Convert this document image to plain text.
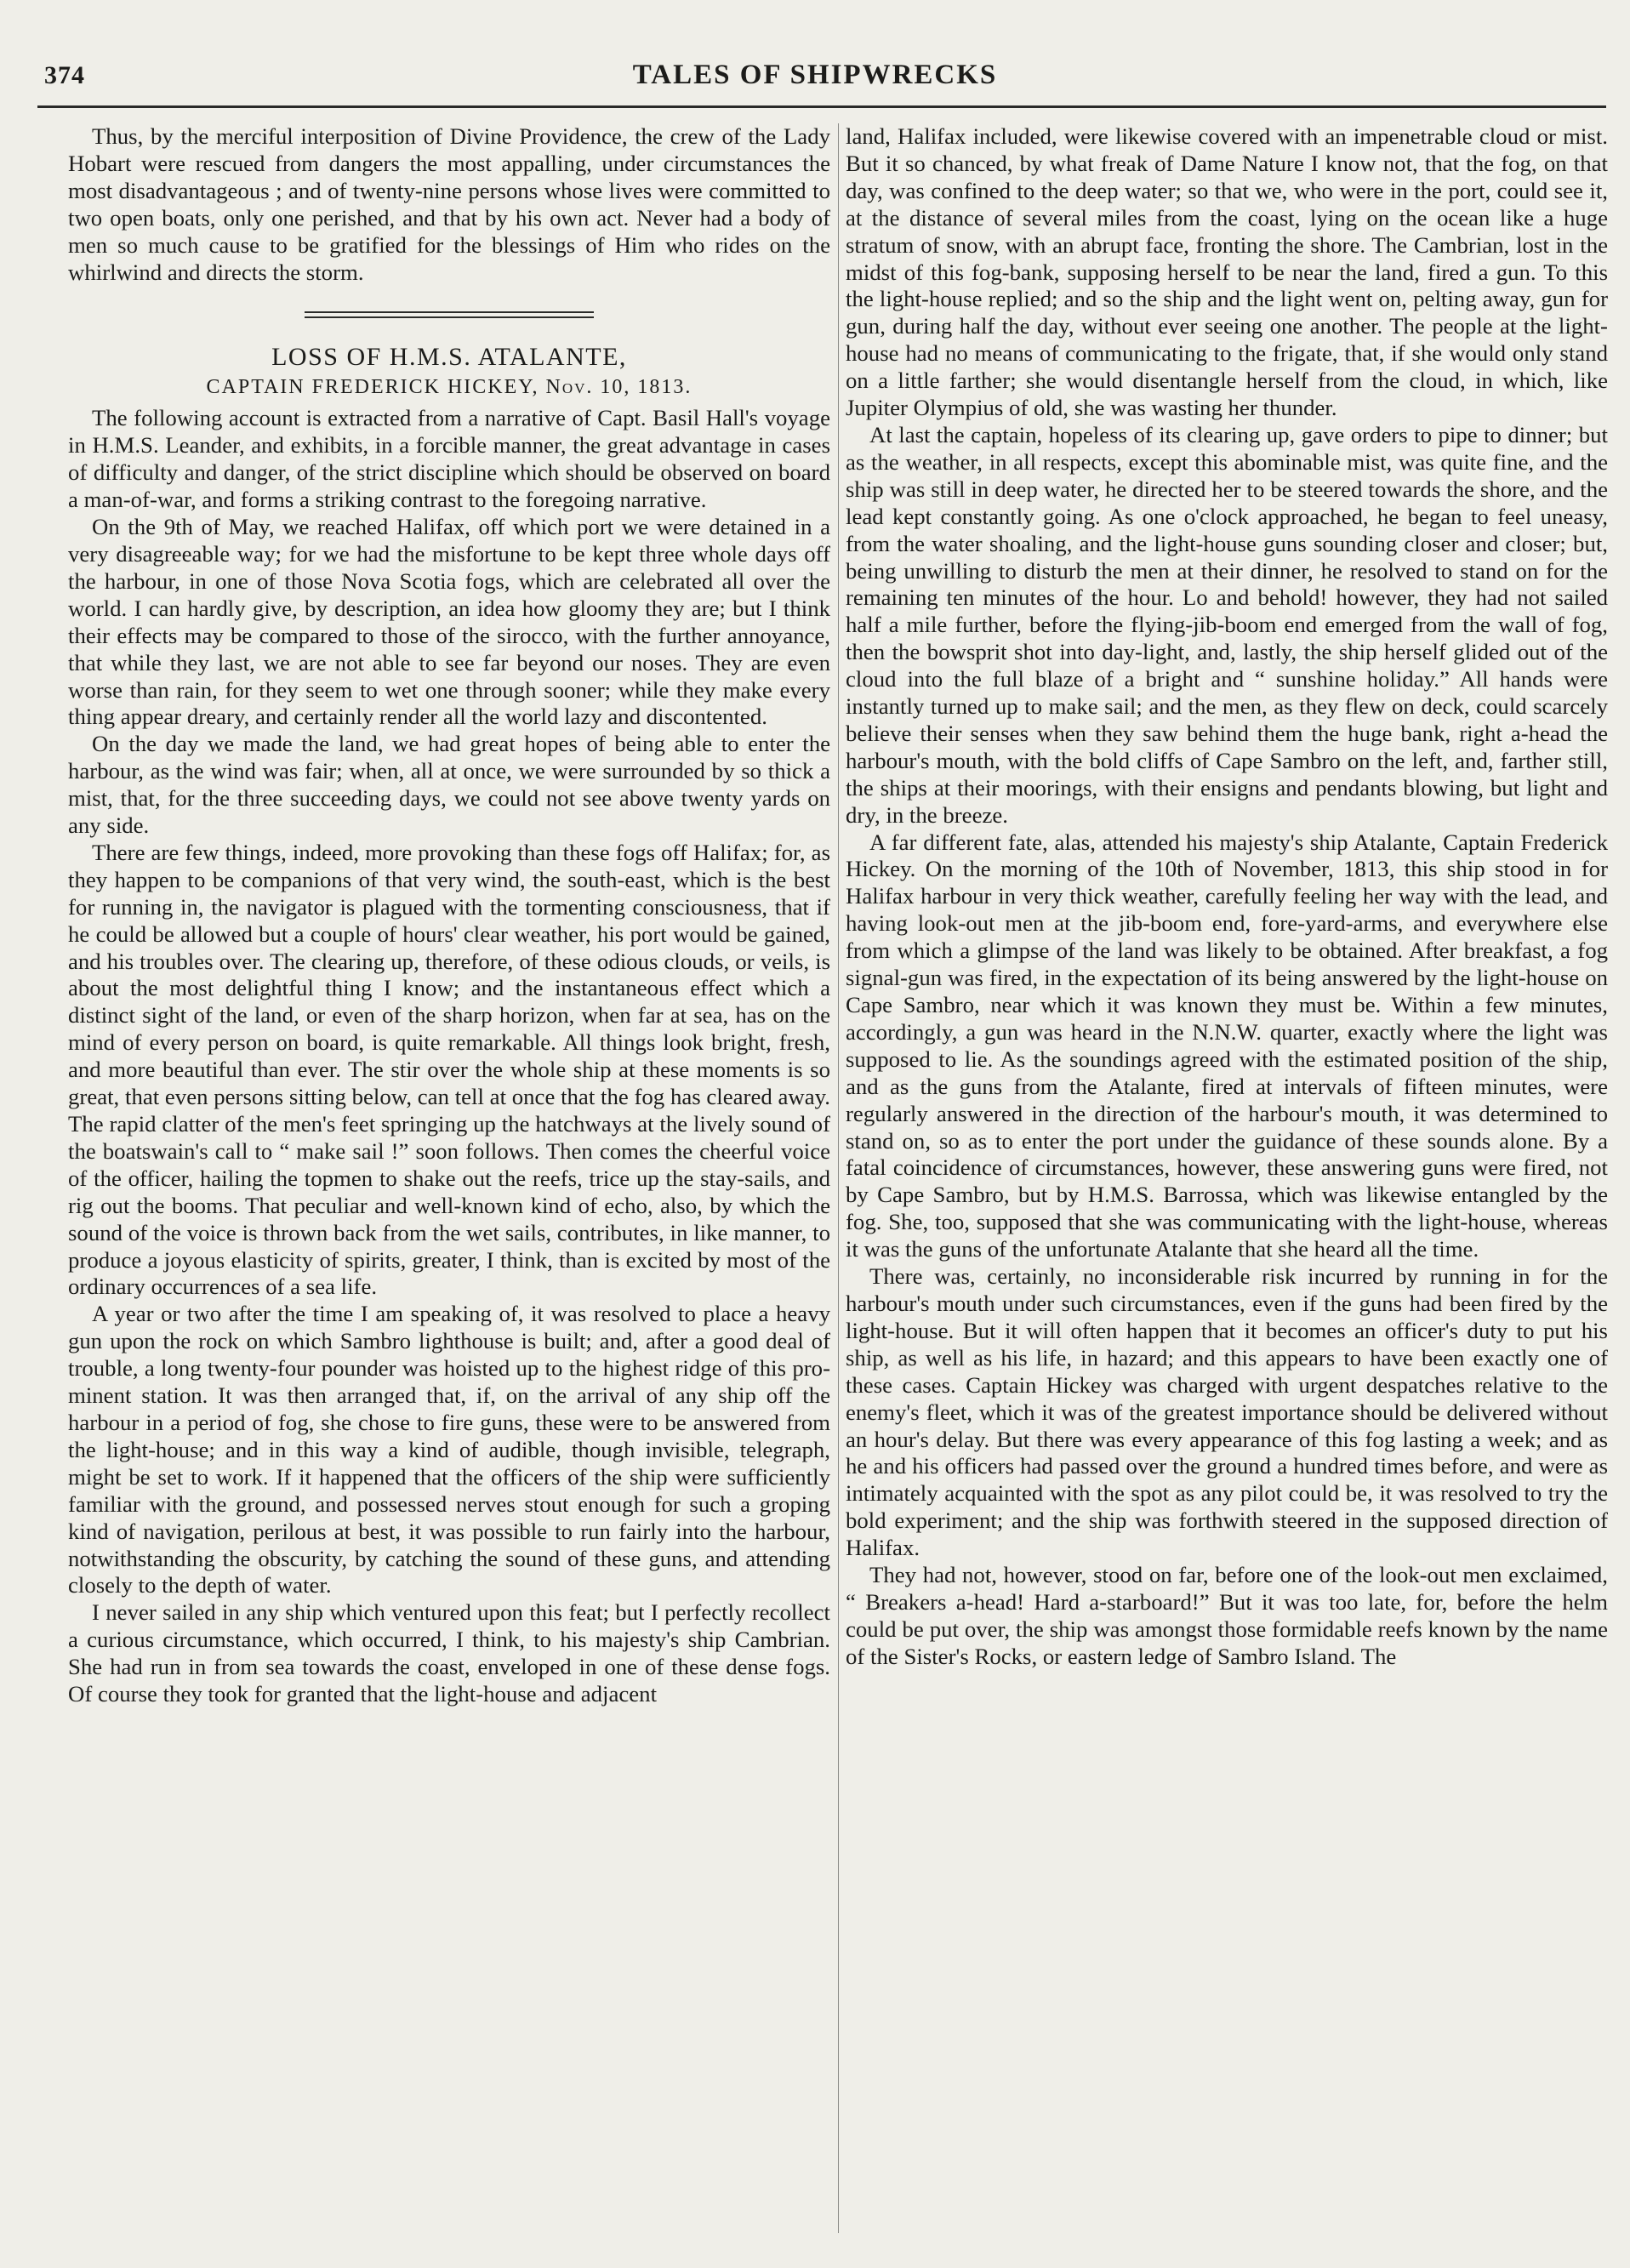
374	TALES OF SHIPWRECKS

Thus, by the merciful interposition of Divine Providence, the crew of the Lady Hobart were rescued from dangers the most appalling, under circumstances the most disadvantageous ; and of twenty-nine persons whose lives were committed to two open boats, only one perished, and that by his own act. Never had a body of men so much cause to be gratified for the blessings of Him who rides on the whirlwind and directs the storm.

LOSS OF H.M.S. ATALANTE,
CAPTAIN FREDERICK HICKEY, Nov. 10, 1813.

The following account is extracted from a narrative of Capt. Basil Hall's voyage in H.M.S. Leander, and exhibits, in a forcible manner, the great advantage in cases of difficulty and danger, of the strict discipline which should be observed on board a man-of-war, and forms a striking contrast to the foregoing narrative.

On the 9th of May, we reached Halifax, off which port we were detained in a very disagreeable way; for we had the misfortune to be kept three whole days off the harbour, in one of those Nova Scotia fogs, which are celebrated all over the world. I can hardly give, by description, an idea how gloomy they are; but I think their effects may be compared to those of the sirocco, with the further annoyance, that while they last, we are not able to see far beyond our noses. They are even worse than rain, for they seem to wet one through sooner; while they make every thing appear dreary, and certainly render all the world lazy and discontented.

On the day we made the land, we had great hopes of being able to enter the harbour, as the wind was fair; when, all at once, we were surrounded by so thick a mist, that, for the three succeeding days, we could not see above twenty yards on any side.

There are few things, indeed, more provoking than these fogs off Halifax; for, as they happen to be companions of that very wind, the south-east, which is the best for running in, the navigator is plagued with the tormenting consciousness, that if he could be allowed but a couple of hours' clear weather, his port would be gained, and his troubles over. The clearing up, therefore, of these odious clouds, or veils, is about the most delightful thing I know; and the instantaneous effect which a distinct sight of the land, or even of the sharp horizon, when far at sea, has on the mind of every person on board, is quite remarkable. All things look bright, fresh, and more beautiful than ever. The stir over the whole ship at these moments is so great, that even persons sitting below, can tell at once that the fog has cleared away. The rapid clatter of the men's feet springing up the hatchways at the lively sound of the boatswain's call to “ make sail !” soon follows. Then comes the cheerful voice of the officer, hailing the topmen to shake out the reefs, trice up the stay-sails, and rig out the booms. That peculiar and well-known kind of echo, also, by which the sound of the voice is thrown back from the wet sails, contributes, in like manner, to produce a joyous elasticity of spirits, greater, I think, than is excited by most of the ordinary occurrences of a sea life.

A year or two after the time I am speaking of, it was resolved to place a heavy gun upon the rock on which Sambro lighthouse is built; and, after a good deal of trouble, a long twenty-four pounder was hoisted up to the highest ridge of this prominent station. It was then arranged that, if, on the arrival of any ship off the harbour in a period of fog, she chose to fire guns, these were to be answered from the light-house; and in this way a kind of audible, though invisible, telegraph, might be set to work. If it happened that the officers of the ship were sufficiently familiar with the ground, and possessed nerves stout enough for such a groping kind of navigation, perilous at best, it was possible to run fairly into the harbour, notwithstanding the obscurity, by catching the sound of these guns, and attending closely to the depth of water.

I never sailed in any ship which ventured upon this feat; but I perfectly recollect a curious circumstance, which occurred, I think, to his majesty's ship Cambrian. She had run in from sea towards the coast, enveloped in one of these dense fogs. Of course they took for granted that the light-house and adjacent

land, Halifax included, were likewise covered with an impenetrable cloud or mist. But it so chanced, by what freak of Dame Nature I know not, that the fog, on that day, was confined to the deep water; so that we, who were in the port, could see it, at the distance of several miles from the coast, lying on the ocean like a huge stratum of snow, with an abrupt face, fronting the shore. The Cambrian, lost in the midst of this fog-bank, supposing herself to be near the land, fired a gun. To this the light-house replied; and so the ship and the light went on, pelting away, gun for gun, during half the day, without ever seeing one another. The people at the light-house had no means of communicating to the frigate, that, if she would only stand on a little farther; she would disentangle herself from the cloud, in which, like Jupiter Olympius of old, she was wasting her thunder.

At last the captain, hopeless of its clearing up, gave orders to pipe to dinner; but as the weather, in all respects, except this abominable mist, was quite fine, and the ship was still in deep water, he directed her to be steered towards the shore, and the lead kept constantly going. As one o'clock approached, he began to feel uneasy, from the water shoaling, and the light-house guns sounding closer and closer; but, being unwilling to disturb the men at their dinner, he resolved to stand on for the remaining ten minutes of the hour. Lo and behold! however, they had not sailed half a mile further, before the flying-jib-boom end emerged from the wall of fog, then the bowsprit shot into day-light, and, lastly, the ship herself glided out of the cloud into the full blaze of a bright and “ sunshine holiday.” All hands were instantly turned up to make sail; and the men, as they flew on deck, could scarcely believe their senses when they saw behind them the huge bank, right a-head the harbour's mouth, with the bold cliffs of Cape Sambro on the left, and, farther still, the ships at their moorings, with their ensigns and pendants blowing, but light and dry, in the breeze.

A far different fate, alas, attended his majesty's ship Atalante, Captain Frederick Hickey. On the morning of the 10th of November, 1813, this ship stood in for Halifax harbour in very thick weather, carefully feeling her way with the lead, and having look-out men at the jib-boom end, fore-yard-arms, and everywhere else from which a glimpse of the land was likely to be obtained. After breakfast, a fog signal-gun was fired, in the expectation of its being answered by the light-house on Cape Sambro, near which it was known they must be. Within a few minutes, accordingly, a gun was heard in the N.N.W. quarter, exactly where the light was supposed to lie. As the soundings agreed with the estimated position of the ship, and as the guns from the Atalante, fired at intervals of fifteen minutes, were regularly answered in the direction of the harbour's mouth, it was determined to stand on, so as to enter the port under the guidance of these sounds alone. By a fatal coincidence of circumstances, however, these answering guns were fired, not by Cape Sambro, but by H.M.S. Barrossa, which was likewise entangled by the fog. She, too, supposed that she was communicating with the light-house, whereas it was the guns of the unfortunate Atalante that she heard all the time.

There was, certainly, no inconsiderable risk incurred by running in for the harbour's mouth under such circumstances, even if the guns had been fired by the light-house. But it will often happen that it becomes an officer's duty to put his ship, as well as his life, in hazard; and this appears to have been exactly one of these cases. Captain Hickey was charged with urgent despatches relative to the enemy's fleet, which it was of the greatest importance should be delivered without an hour's delay. But there was every appearance of this fog lasting a week; and as he and his officers had passed over the ground a hundred times before, and were as intimately acquainted with the spot as any pilot could be, it was resolved to try the bold experiment; and the ship was forthwith steered in the supposed direction of Halifax.

They had not, however, stood on far, before one of the look-out men exclaimed, “ Breakers a-head! Hard a-starboard!” But it was too late, for, before the helm could be put over, the ship was amongst those formidable reefs known by the name of the Sister's Rocks, or eastern ledge of Sambro Island. The
